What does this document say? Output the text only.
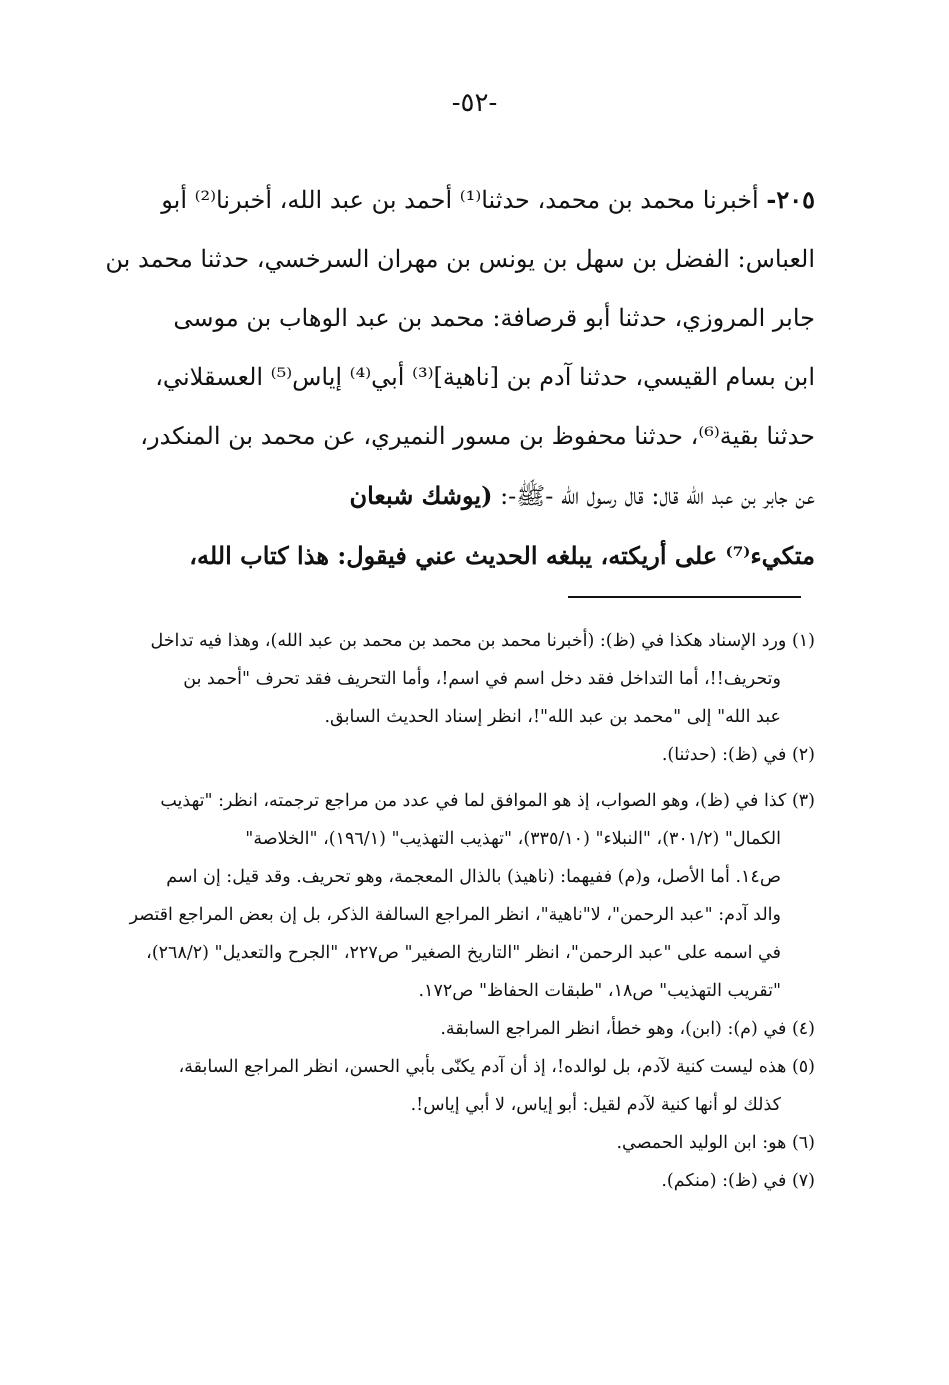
-٥٢-
٢٠٥- أخبرنا محمد بن محمد، حدثنا⁽¹⁾ أحمد بن عبد الله، أخبرنا⁽²⁾ أبو
العباس: الفضل بن سهل بن يونس بن مهران السرخسي، حدثنا محمد بن
جابر المروزي، حدثنا أبو قرصافة: محمد بن عبد الوهاب بن موسى
ابن بسام القيسي، حدثنا آدم بن [ناهية]⁽³⁾ أبي⁽⁴⁾ إياس⁽⁵⁾ العسقلاني،
حدثنا بقية⁽⁶⁾، حدثنا محفوظ بن مسور النميري، عن محمد بن المنكدر،
عن جابر بن عبد الله قال: قال رسول الله -ﷺ-: (يوشك شبعان
متكيء⁽⁷⁾ على أريكته، يبلغه الحديث عني فيقول: هذا كتاب الله،
(١) ورد الإسناد هكذا في (ظ): (أخبرنا محمد بن محمد بن محمد بن عبد الله)، وهذا فيه تداخل
وتحريف!!، أما التداخل فقد دخل اسم في اسم!، وأما التحريف فقد تحرف "أحمد بن
عبد الله" إلى "محمد بن عبد الله"!، انظر إسناد الحديث السابق.
(٢) في (ظ): (حدثنا).
(٣) كذا في (ظ)، وهو الصواب، إذ هو الموافق لما في عدد من مراجع ترجمته، انظر: "تهذيب
الكمال" (٣٠١/٢)، "النبلاء" (٣٣٥/١٠)، "تهذيب التهذيب" (١٩٦/١)، "الخلاصة"
ص١٤. أما الأصل، و(م) ففيهما: (ناهيذ) بالذال المعجمة، وهو تحريف. وقد قيل: إن اسم
والد آدم: "عبد الرحمن"، لا"ناهية"، انظر المراجع السالفة الذكر، بل إن بعض المراجع اقتصر
في اسمه على "عبد الرحمن"، انظر "التاريخ الصغير" ص٢٢٧، "الجرح والتعديل" (٢٦٨/٢)،
"تقريب التهذيب" ص١٨، "طبقات الحفاظ" ص١٧٢.
(٤) في (م): (ابن)، وهو خطأ، انظر المراجع السابقة.
(٥) هذه ليست كنية لآدم، بل لوالده!، إذ أن آدم يكنّى بأبي الحسن، انظر المراجع السابقة،
كذلك لو أنها كنية لآدم لقيل: أبو إياس، لا أبي إياس!.
(٦) هو: ابن الوليد الحمصي.
(٧) في (ظ): (منكم).
